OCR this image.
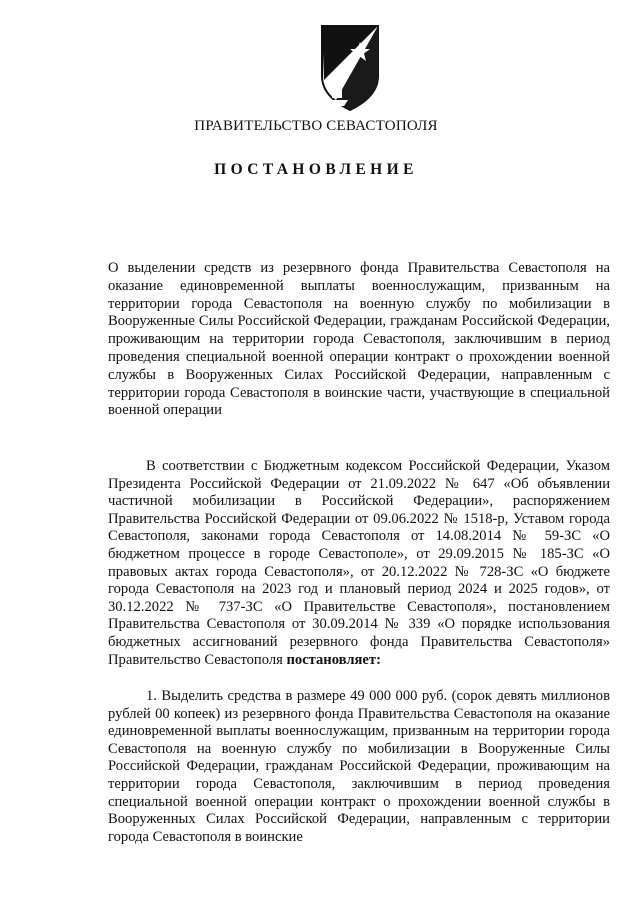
ПРАВИТЕЛЬСТВО СЕВАСТОПОЛЯ
ПОСТАНОВЛЕНИЕ
О выделении средств из резервного фонда Правительства Севастополя на оказание единовременной выплаты военнослужащим, призванным на территории города Севастополя на военную службу по мобилизации в Вооруженные Силы Российской Федерации, гражданам Российской Федерации, проживающим на территории города Севастополя, заключившим в период проведения специальной военной операции контракт о прохождении военной службы в Вооруженных Силах Российской Федерации, направленным с территории города Севастополя в воинские части, участвующие в специальной военной операции
В соответствии с Бюджетным кодексом Российской Федерации, Указом Президента Российской Федерации от 21.09.2022 № 647 «Об объявлении частичной мобилизации в Российской Федерации», распоряжением Правительства Российской Федерации от 09.06.2022 № 1518-р, Уставом города Севастополя, законами города Севастополя от 14.08.2014 № 59-ЗС «О бюджетном процессе в городе Севастополе», от 29.09.2015 № 185-ЗС «О правовых актах города Севастополя», от 20.12.2022 № 728-ЗС «О бюджете города Севастополя на 2023 год и плановый период 2024 и 2025 годов», от 30.12.2022 № 737-ЗС «О Правительстве Севастополя», постановлением Правительства Севастополя от 30.09.2014 № 339 «О порядке использования бюджетных ассигнований резервного фонда Правительства Севастополя» Правительство Севастополя постановляет:
1. Выделить средства в размере 49 000 000 руб. (сорок девять миллионов рублей 00 копеек) из резервного фонда Правительства Севастополя на оказание единовременной выплаты военнослужащим, призванным на территории города Севастополя на военную службу по мобилизации в Вооруженные Силы Российской Федерации, гражданам Российской Федерации, проживающим на территории города Севастополя, заключившим в период проведения специальной военной операции контракт о прохождении военной службы в Вооруженных Силах Российской Федерации, направленным с территории города Севастополя в воинские
